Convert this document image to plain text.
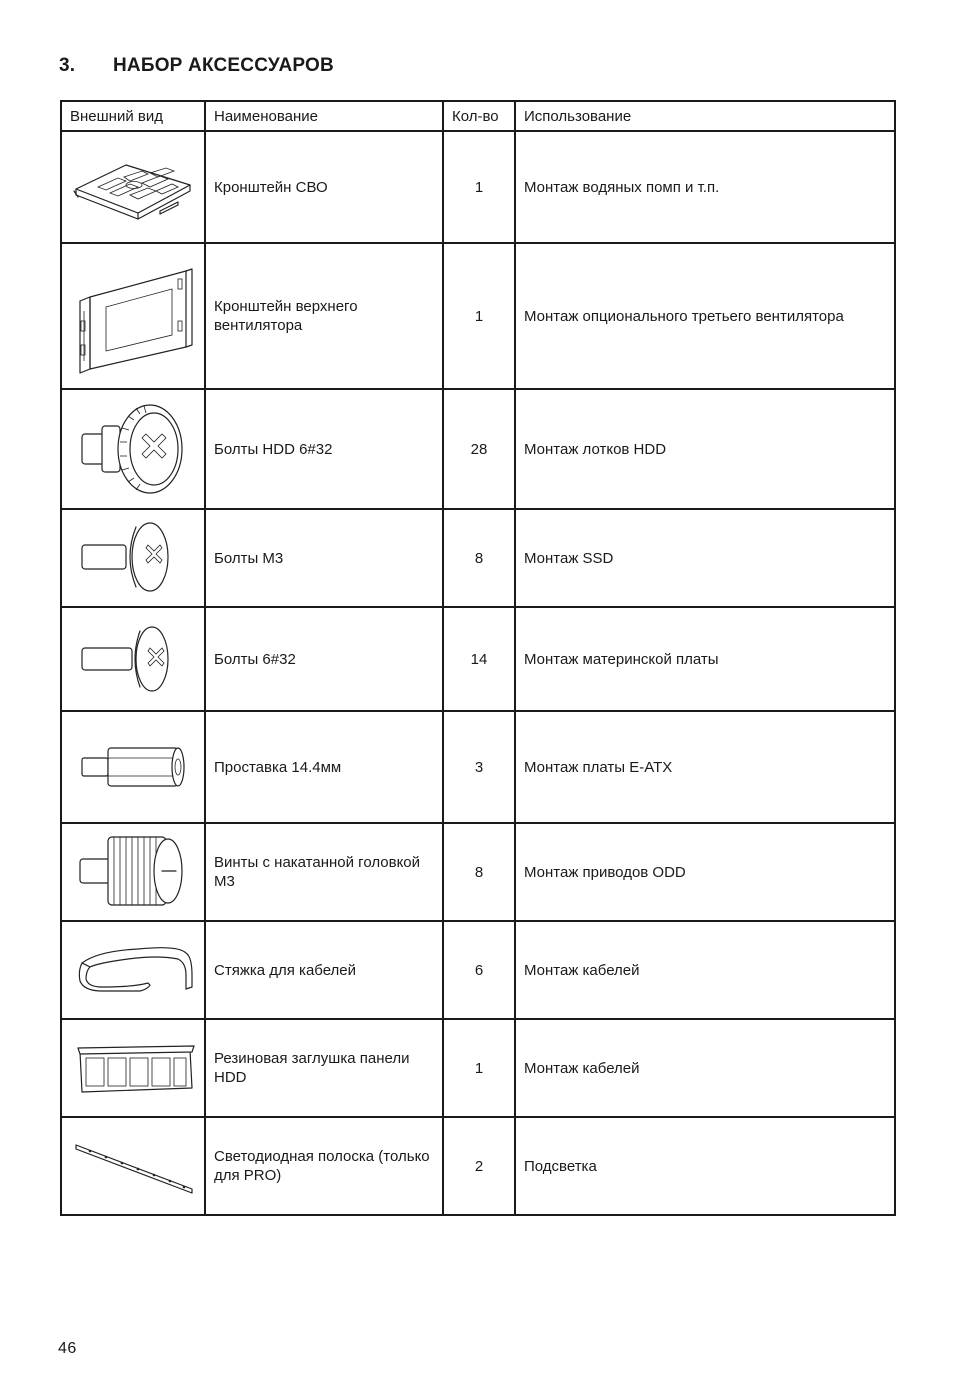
3. НАБОР АКСЕССУАРОВ
Внешний вид	Наименование	Кол-во	Использование

	Кронштейн СВО	1	Монтаж водяных помп и т.п.

	Кронштейн верхнего вентилятора	1	Монтаж опционального третьего вентилятора

	Болты HDD 6#32	28	Монтаж лотков HDD

	Болты M3	8	Монтаж SSD

	Болты 6#32	14	Монтаж материнской платы

	Проставка 14.4мм	3	Монтаж платы E-ATX

	Винты с накатанной головкой M3	8	Монтаж приводов ODD

	Стяжка для кабелей	6	Монтаж кабелей

	Резиновая заглушка панели HDD	1	Монтаж кабелей

	Светодиодная полоска (только для PRO)	2	Подсветка
46
